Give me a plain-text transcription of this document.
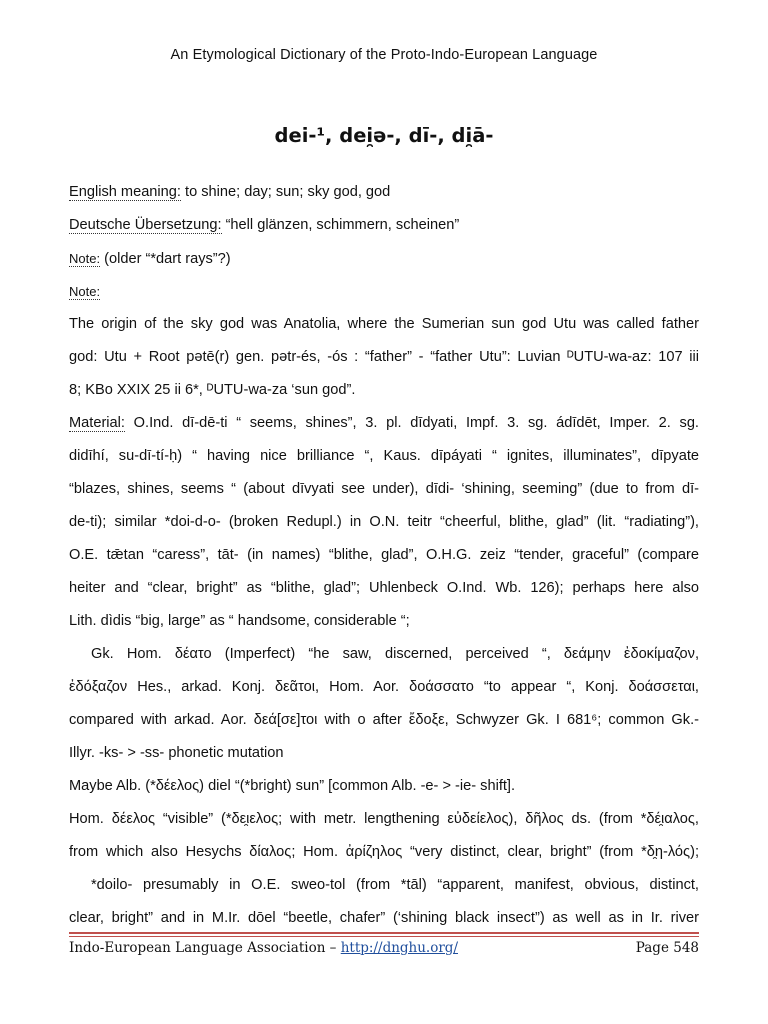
An Etymological Dictionary of the Proto-Indo-European Language
dei-¹, dei̯ə-, dī-, di̯ā-
English meaning: to shine; day; sun; sky god, god
Deutsche Übersetzung: “hell glänzen, schimmern, scheinen”
Note: (older “*dart rays”?)
Note:
The origin of the sky god was Anatolia, where the Sumerian sun god Utu was called father
god: Utu + Root pətē(r) gen. pətr-és, -ós : “father” - “father Utu”: Luvian ᴰUTU-wa-az: 107 iii
8; KBo XXIX 25 ii 6*, ᴰUTU-wa-za ‘sun god”.
Material: O.Ind. dī-dē-ti “ seems, shines”, 3. pl. dīdyati, Impf. 3. sg. ádīdēt, Imper. 2. sg.
didīhí, su-dī-tí-ḥ) “ having nice brilliance “, Kaus. dīpáyati “ ignites, illuminates”, dīpyate
“blazes, shines, seems “ (about dīvyati see under), dīdi- ‘shining, seeming” (due to from dī-
de-ti); similar *doi-d-o- (broken Redupl.) in O.N. teitr “cheerful, blithe, glad” (lit. “radiating”),
O.E. tǣtan “caress”, tāt- (in names) “blithe, glad”, O.H.G. zeiz “tender, graceful” (compare
heiter and “clear, bright” as “blithe, glad”; Uhlenbeck O.Ind. Wb. 126); perhaps here also
Lith. dìdis “big, large” as “ handsome, considerable “;
Gk. Hom. δέατο (Imperfect) “he saw, discerned, perceived “, δεάμην ἐδοκίμαζον,
ἐδόξαζον Hes., arkad. Konj. δεᾶτοι, Hom. Aor. δοάσσατο “to appear “, Konj. δοάσσεται,
compared with arkad. Aor. δεά[σε]τοι with o after ἔδοξε, Schwyzer Gk. I 681⁶; common Gk.-
Illyr. -ks- > -ss- phonetic mutation
Maybe Alb. (*δέελος) diel “(*bright) sun” [common Alb. -e- > -ie- shift].
Hom. δέελος “visible” (*δε̯ιελος; with metr. lengthening εὐδείελος), δῆλος ds. (from *δέ̯ιαλος,
from which also Hesychs δίαλος; Hom. ἀρίζηλος “very distinct, clear, bright” (from *δ̯η-λός);
*doilo- presumably in O.E. sweo-tol (from *tāl) “apparent, manifest, obvious, distinct,
clear, bright” and in M.Ir. dōel “beetle, chafer” (‘shining black insect”) as well as in Ir. river
Indo-European Language Association – http://dnghu.org/	Page 548
